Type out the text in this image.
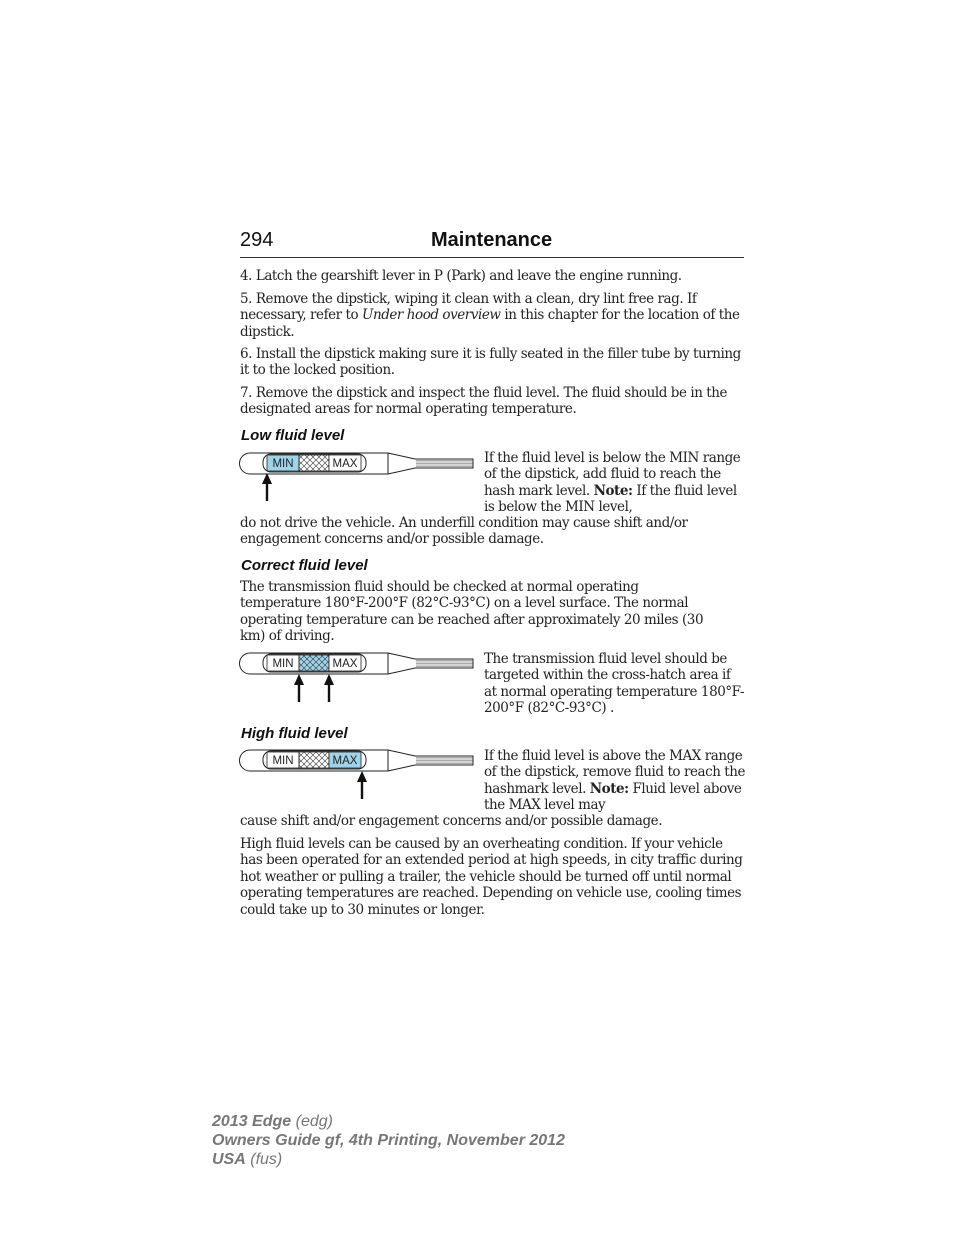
294	Maintenance

4. Latch the gearshift lever in P (Park) and leave the engine running.

5. Remove the dipstick, wiping it clean with a clean, dry lint free rag. If necessary, refer to Under hood overview in this chapter for the location of the dipstick.

6. Install the dipstick making sure it is fully seated in the filler tube by turning it to the locked position.

7. Remove the dipstick and inspect the fluid level. The fluid should be in the designated areas for normal operating temperature.

Low fluid level
MIN	MAX	If the fluid level is below the MIN range of the dipstick, add fluid to reach the hash mark level. Note: If the fluid level is below the MIN level,

do not drive the vehicle. An underfill condition may cause shift and/or engagement concerns and/or possible damage.

Correct fluid level

The transmission fluid should be checked at normal operating temperature 180°F-200°F (82°C-93°C) on a level surface. The normal operating temperature can be reached after approximately 20 miles (30 km) of driving.

MIN	MAX	The transmission fluid level should be targeted within the cross-hatch area if at normal operating temperature 180°F-200°F (82°C-93°C) .
High fluid level
MIN	MAX	If the fluid level is above the MAX range of the dipstick, remove fluid to reach the hashmark level. Note: Fluid level above the MAX level may

cause shift and/or engagement concerns and/or possible damage.

High fluid levels can be caused by an overheating condition. If your vehicle has been operated for an extended period at high speeds, in city traffic during hot weather or pulling a trailer, the vehicle should be turned off until normal operating temperatures are reached. Depending on vehicle use, cooling times could take up to 30 minutes or longer.

2013 Edge (edg)
Owners Guide gf, 4th Printing, November 2012
USA (fus)
